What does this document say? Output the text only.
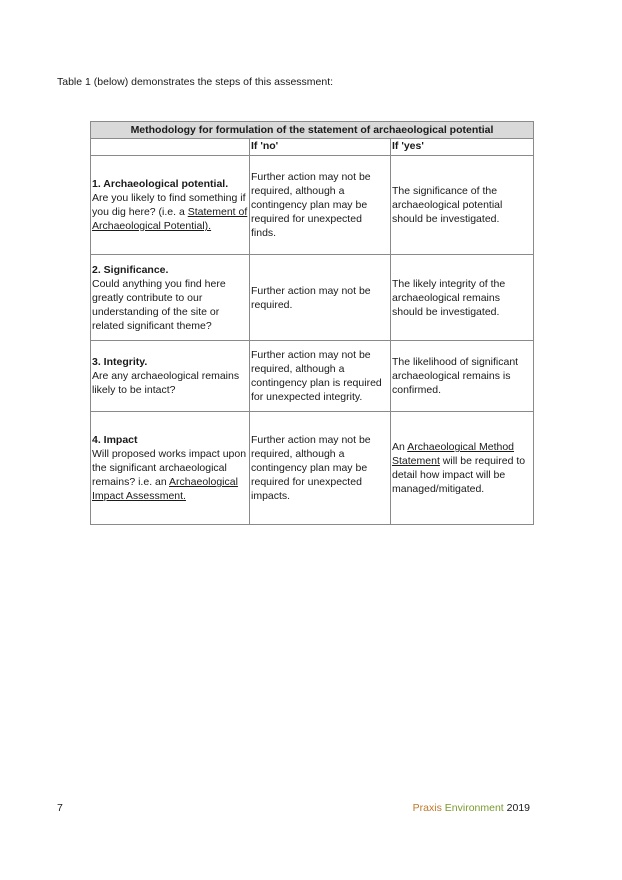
Table 1 (below) demonstrates the steps of this assessment:
Methodology for formulation of the statement of archaeological potential		
	If 'no'	If 'yes'

1. Archaeological potential.
Are you likely to find something if you dig here? (i.e. a Statement of Archaeological Potential).	Further action may not be required, although a contingency plan may be required for unexpected finds.	The significance of the archaeological potential should be investigated.

2. Significance.
Could anything you find here greatly contribute to our understanding of the site or related significant theme?	Further action may not be required.	The likely integrity of the archaeological remains should be investigated.

3. Integrity.
Are any archaeological remains likely to be intact?	Further action may not be required, although a contingency plan is required for unexpected integrity.	The likelihood of significant archaeological remains is confirmed.

4. Impact
Will proposed works impact upon the significant archaeological remains? i.e. an Archaeological Impact Assessment.	Further action may not be required, although a contingency plan may be required for unexpected impacts.	An Archaeological Method Statement will be required to detail how impact will be managed/mitigated.
7	Praxis Environment 2019
